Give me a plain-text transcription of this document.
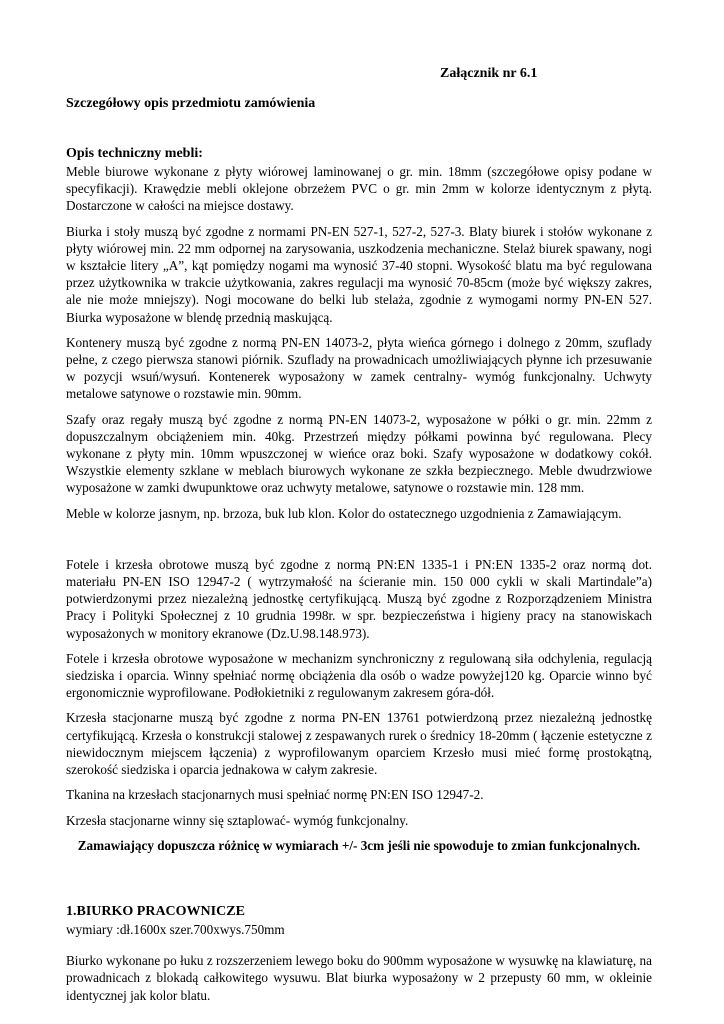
Załącznik nr 6.1
Szczegółowy opis przedmiotu zamówienia
Opis techniczny mebli:

Meble biurowe wykonane z płyty wiórowej laminowanej o gr. min. 18mm (szczegółowe opisy podane w specyfikacji). Krawędzie mebli oklejone obrzeżem PVC o gr. min 2mm w kolorze identycznym z płytą. Dostarczone w całości na miejsce dostawy.

Biurka i stoły muszą być zgodne z normami PN-EN 527-1, 527-2, 527-3. Blaty biurek i stołów wykonane z płyty wiórowej min. 22 mm odpornej na zarysowania, uszkodzenia mechaniczne. Stelaż biurek spawany, nogi w kształcie litery „A”, kąt pomiędzy nogami ma wynosić 37-40 stopni. Wysokość blatu ma być regulowana przez użytkownika w trakcie użytkowania, zakres regulacji ma wynosić 70-85cm (może być większy zakres, ale nie może mniejszy). Nogi mocowane do belki lub stelaża, zgodnie z wymogami normy PN-EN 527. Biurka wyposażone w blendę przednią maskującą.

Kontenery muszą być zgodne z normą PN-EN 14073-2, płyta wieńca górnego i dolnego z 20mm, szuflady pełne, z czego pierwsza stanowi piórnik. Szuflady na prowadnicach umożliwiających płynne ich przesuwanie w pozycji wsuń/wysuń. Kontenerek wyposażony w zamek centralny- wymóg funkcjonalny. Uchwyty metalowe satynowe o rozstawie min. 90mm.

Szafy oraz regały muszą być zgodne z normą PN-EN 14073-2, wyposażone w półki o gr. min. 22mm z dopuszczalnym obciążeniem min. 40kg. Przestrzeń między półkami powinna być regulowana. Plecy wykonane z płyty min. 10mm wpuszczonej w wieńce oraz boki. Szafy wyposażone w dodatkowy cokół. Wszystkie elementy szklane w meblach biurowych wykonane ze szkła bezpiecznego. Meble dwudrzwiowe wyposażone w zamki dwupunktowe oraz uchwyty metalowe, satynowe o rozstawie min. 128 mm.

Meble w kolorze jasnym, np. brzoza, buk lub klon. Kolor do ostatecznego uzgodnienia z Zamawiającym.

Fotele i krzesła obrotowe muszą być zgodne z normą PN:EN 1335-1 i PN:EN 1335-2 oraz normą dot. materiału PN-EN ISO 12947-2 ( wytrzymałość na ścieranie min. 150 000 cykli w skali Martindale”a) potwierdzonymi przez niezależną jednostkę certyfikującą. Muszą być zgodne z Rozporządzeniem Ministra Pracy i Polityki Społecznej z 10 grudnia 1998r. w spr. bezpieczeństwa i higieny pracy na stanowiskach wyposażonych w monitory ekranowe (Dz.U.98.148.973).

Fotele i krzesła obrotowe wyposażone w mechanizm synchroniczny z regulowaną siła odchylenia, regulacją siedziska i oparcia. Winny spełniać normę obciążenia dla osób o wadze powyżej120 kg. Oparcie winno być ergonomicznie wyprofilowane. Podłokietniki z regulowanym zakresem góra-dół.

Krzesła stacjonarne muszą być zgodne z norma PN-EN 13761 potwierdzoną przez niezależną jednostkę certyfikującą. Krzesła o konstrukcji stalowej z zespawanych rurek o średnicy 18-20mm ( łączenie estetyczne z niewidocznym miejscem łączenia) z wyprofilowanym oparciem Krzesło musi mieć formę prostokątną, szerokość siedziska i oparcia jednakowa w całym zakresie.

Tkanina na krzesłach stacjonarnych musi spełniać normę PN:EN ISO 12947-2.

Krzesła stacjonarne winny się sztaplować- wymóg funkcjonalny.

Zamawiający dopuszcza różnicę w wymiarach +/- 3cm jeśli nie spowoduje to zmian funkcjonalnych.

1.BIURKO PRACOWNICZE

wymiary :dł.1600x szer.700xwys.750mm

Biurko wykonane po łuku z rozszerzeniem lewego boku do 900mm wyposażone w wysuwkę na klawiaturę, na prowadnicach z blokadą całkowitego wysuwu. Blat biurka wyposażony w 2 przepusty 60 mm, w okleinie identycznej jak kolor blatu.
